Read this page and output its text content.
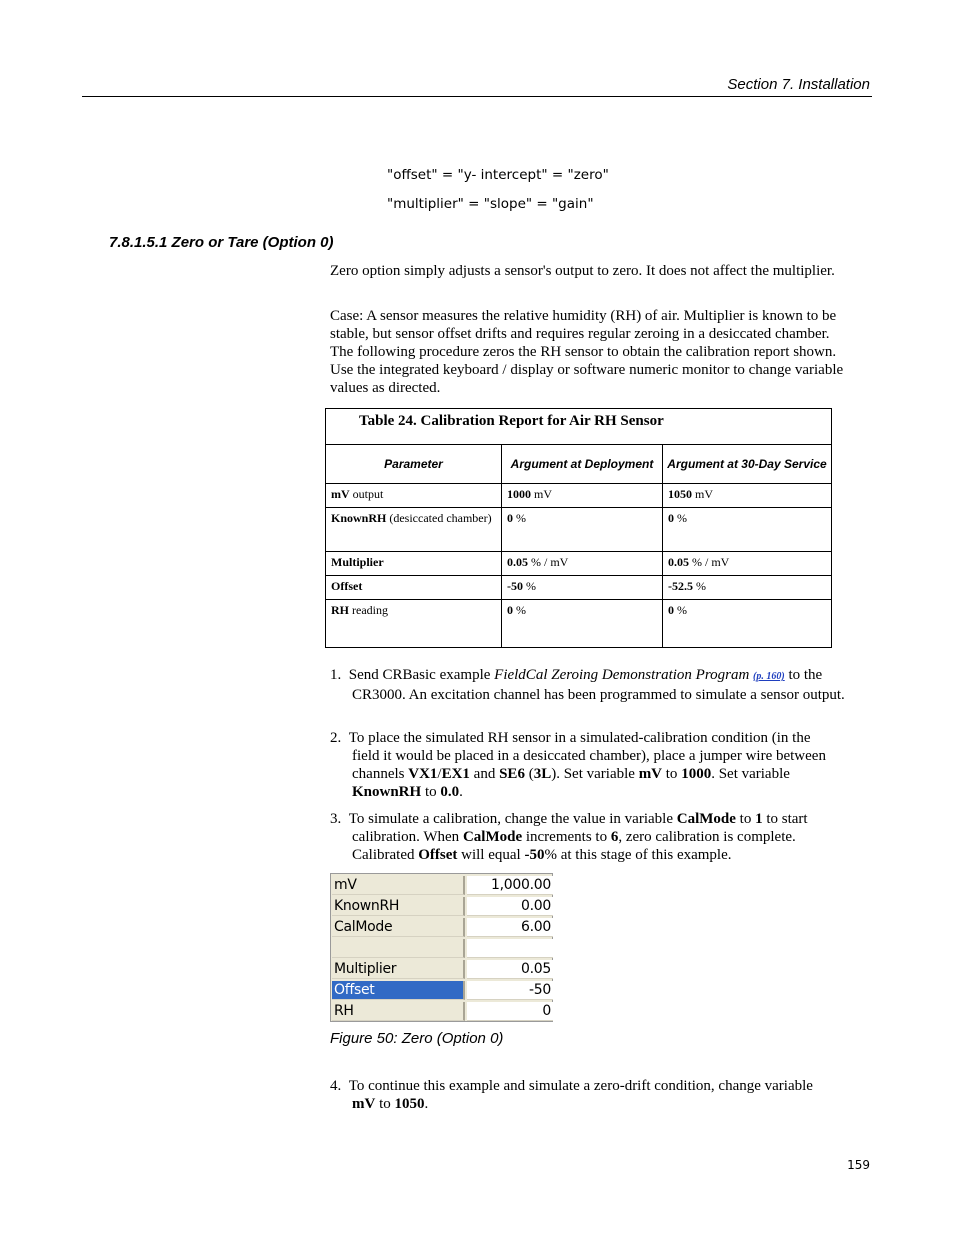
Section 7. Installation
"offset" = "y- intercept" = "zero"
"multiplier" = "slope" = "gain"
7.8.1.5.1 Zero or Tare (Option 0)
Zero option simply adjusts a sensor's output to zero. It does not affect the multiplier.
Case: A sensor measures the relative humidity (RH) of air. Multiplier is known to be stable, but sensor offset drifts and requires regular zeroing in a desiccated chamber. The following procedure zeros the RH sensor to obtain the calibration report shown. Use the integrated keyboard / display or software numeric monitor to change variable values as directed.
Table 24. Calibration Report for Air RH Sensor		
Parameter	Argument at Deployment	Argument at 30-Day Service
mV output	1000 mV	1050 mV
KnownRH (desiccated chamber)	0 %	0 %
Multiplier	0.05 % / mV	0.05 % / mV
Offset	-50 %	-52.5 %
RH reading	0 %	0 %
1. Send CRBasic example FieldCal Zeroing Demonstration Program (p. 160) to the
CR3000. An excitation channel has been programmed to simulate a sensor output.
2. To place the simulated RH sensor in a simulated-calibration condition (in the
field it would be placed in a desiccated chamber), place a jumper wire between channels VX1/EX1 and SE6 (3L). Set variable mV to 1000. Set variable KnownRH to 0.0.
3. To simulate a calibration, change the value in variable CalMode to 1 to start
calibration. When CalMode increments to 6, zero calibration is complete. Calibrated Offset will equal -50% at this stage of this example.
mV	1,000.00
KnownRH	0.00
CalMode	6.00
Multiplier	0.05
Offset	-50
RH	0
Figure 50: Zero (Option 0)
4. To continue this example and simulate a zero-drift condition, change variable
mV to 1050.
159
